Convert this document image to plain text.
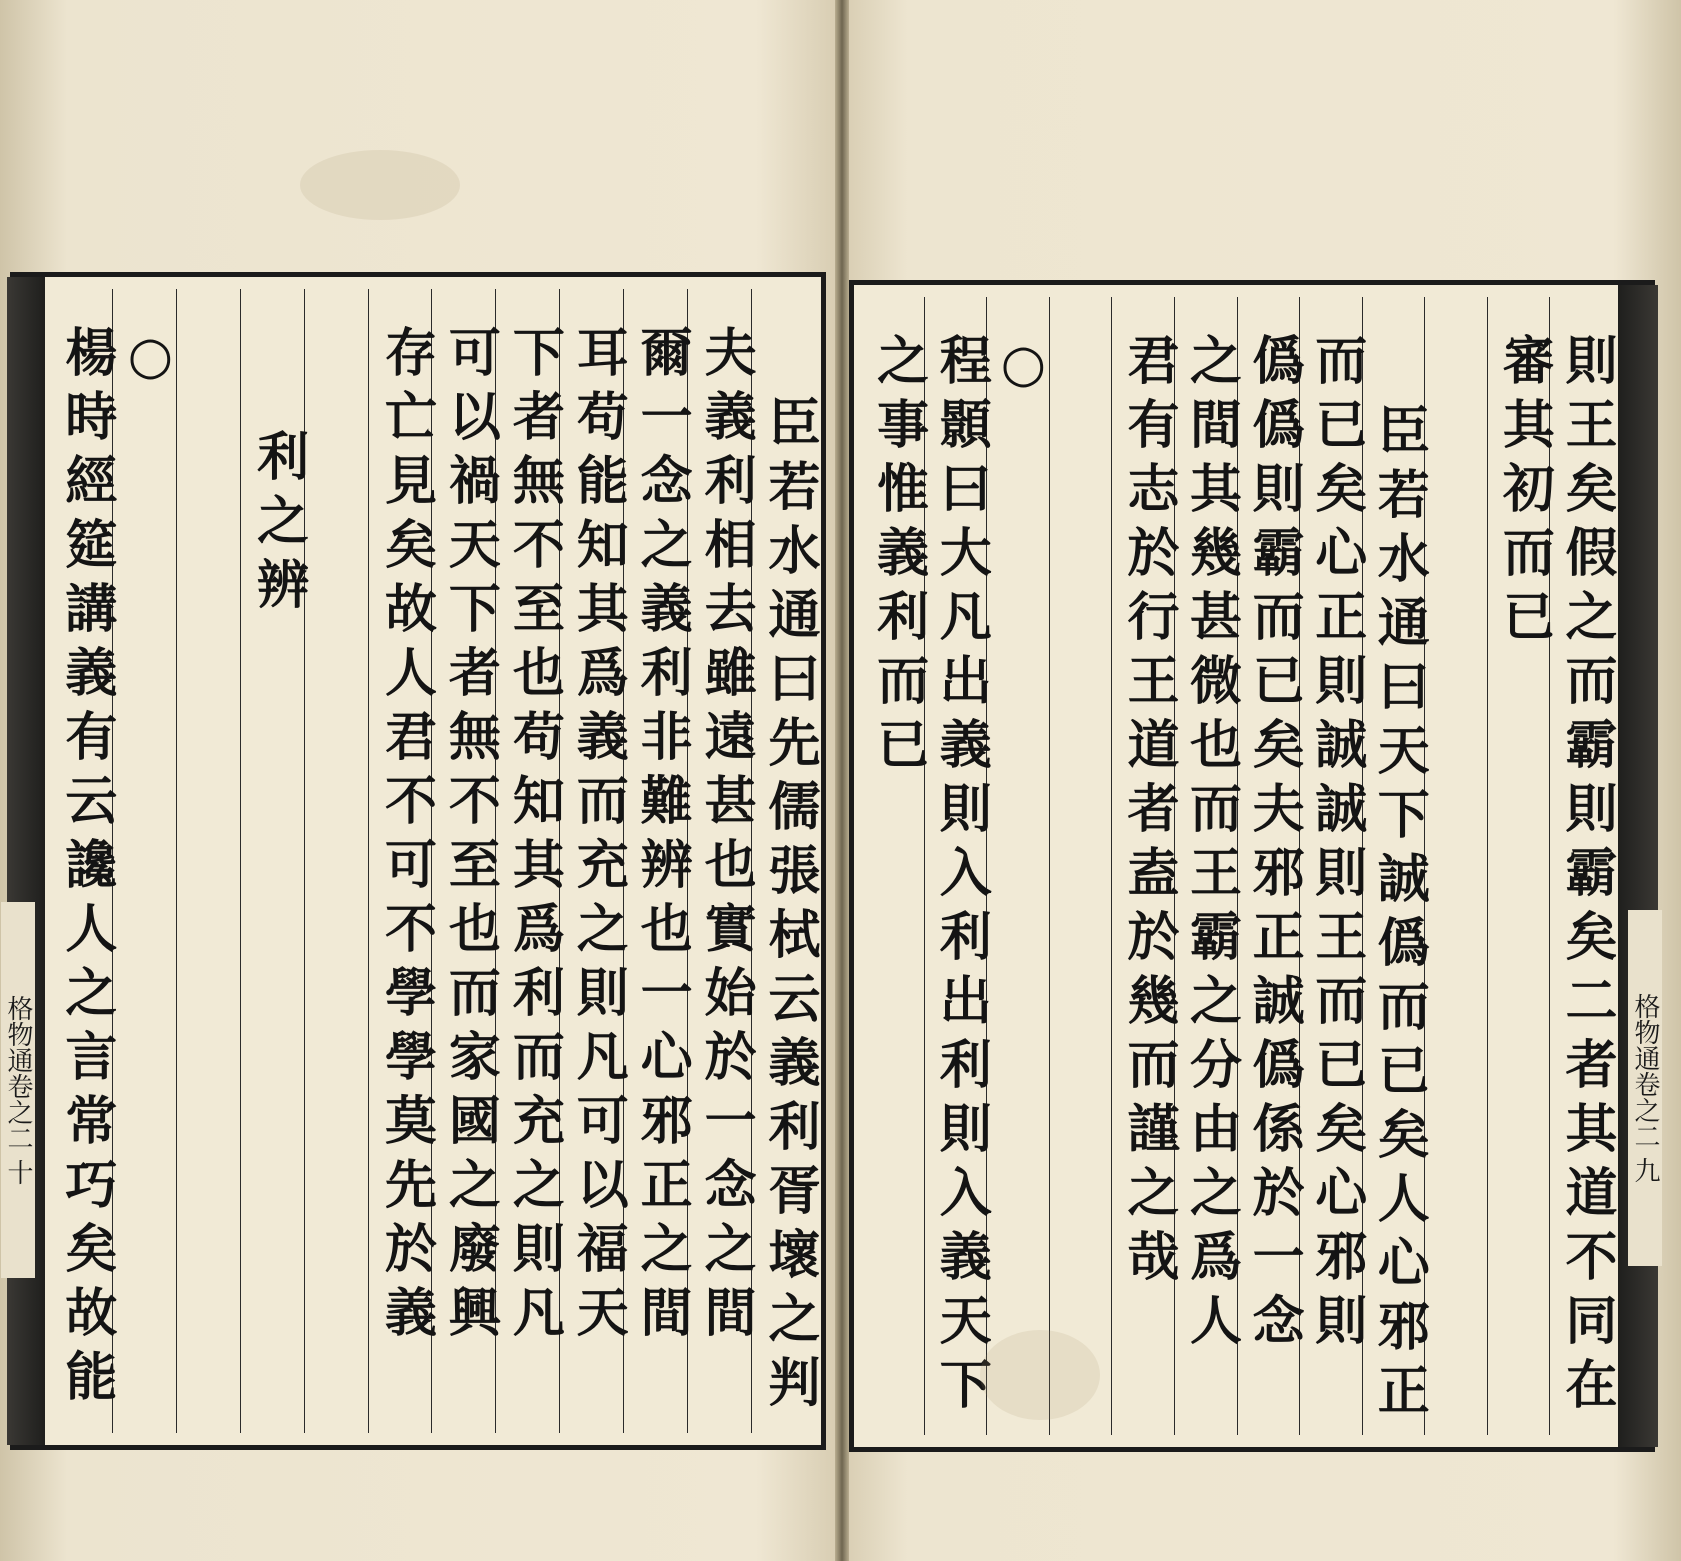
則王矣假之而霸則霸矣二者其道不同在
審其初而已
臣若水通曰天下誠僞而已矣人心邪正
而已矣心正則誠誠則王而已矣心邪則
僞僞則霸而已矣夫邪正誠僞係於一念
之間其幾甚微也而王霸之分由之爲人
君有志於行王道者盍於幾而謹之哉
○
程顥曰大凡出義則入利出利則入義天下
之事惟義利而已
格物通卷之二 九
格物通卷之二 十	臣若水通曰先儒張栻云義利胥壞之判
夫義利相去雖遠甚也實始於一念之間
爾一念之義利非難辨也一心邪正之間
耳苟能知其爲義而充之則凡可以福天
下者無不至也苟知其爲利而充之則凡
可以禍天下者無不至也而家國之廢興
存亡見矣故人君不可不學學莫先於義
利之辨
○
楊時經筵講義有云讒人之言常巧矣故能
